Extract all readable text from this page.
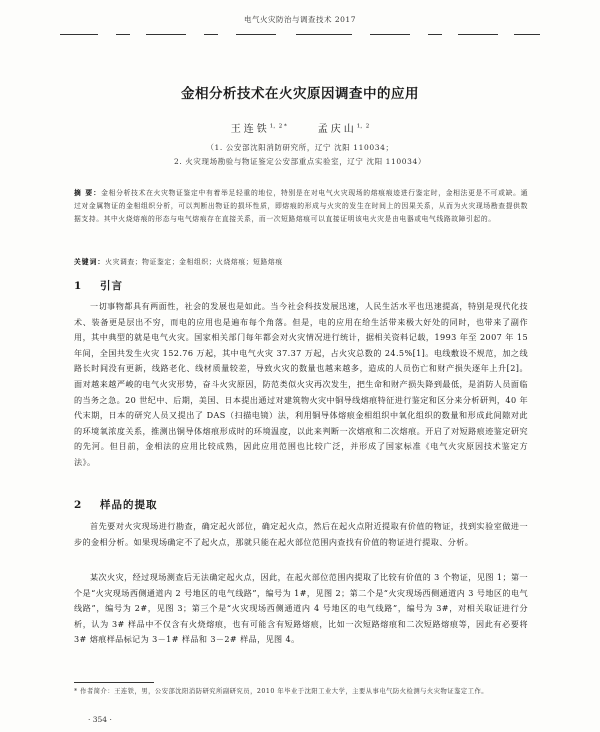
电气火灾防治与调查技术 2017
金相分析技术在火灾原因调查中的应用
王连铁$^{1,2 *}$	孟庆山$^{1,2}$
（1. 公安部沈阳消防研究所，辽宁 沈阳 110034；
2. 火灾现场勘验与物证鉴定公安部重点实验室，辽宁 沈阳 110034）
摘 要：金相分析技术在火灾物证鉴定中有着举足轻重的地位，特别是在对电气火灾现场的熔痕痕迹进行鉴定时，金相法更是不可或缺。通过对金属物证的金相组织分析，可以判断出物证的损坏性质，即熔痕的形成与火灾的发生在时间上的因果关系，从而为火灾现场勘查提供数据支持。其中火烧熔痕的形态与电气熔痕存在直接关系，而一次短路熔痕可以直接证明该电火灾是由电器或电气线路故障引起的。
关键词：火灾调查；物证鉴定；金相组织；火烧熔痕；短路熔痕
1 引言
一切事物都具有两面性，社会的发展也是如此。当今社会科技发展迅速，人民生活水平也迅速提高，特别是现代化技术、装备更是层出不穷，而电的应用也是遍布每个角落。但是，电的应用在给生活带来极大好处的同时，也带来了副作用，其中典型的就是电气火灾。国家相关部门每年都会对火灾情况进行统计，据相关资料记载，1993 年至 2007 年 15 年间，全国共发生火灾 152.76 万起，其中电气火灾 37.37 万起，占火灾总数的 24.5%[1]。电线敷设不规范，加之线路长时间没有更新，线路老化、线材质量较差，导致火灾的数量也越来越多，造成的人员伤亡和财产损失逐年上升[2]。面对越来越严峻的电气火灾形势，奋斗火灾原因，防范类似火灾再次发生，把生命和财产损失降到最低，是消防人员面临的当务之急。20 世纪中、后期，美国、日本提出通过对建筑物火灾中铜导线熔痕特征进行鉴定和区分来分析研判，40 年代末期，日本的研究人员又提出了 DAS（扫描电镜）法，利用铜导体熔痕金相组织中氧化组织的数量和形成此间隙对此的环境氧浓度关系，推测出铜导体熔痕形成时的环境温度，以此来判断一次熔痕和二次熔痕。开启了对短路痕迹鉴定研究的先河。但目前，金相法的应用比较成熟，因此应用范围也比较广泛，并形成了国家标准《电气火灾原因技术鉴定方法》。
2 样品的提取
首先要对火灾现场进行勘查，确定起火部位，确定起火点，然后在起火点附近提取有价值的物证，找到实验室做进一步的金相分析。如果现场确定不了起火点，那就只能在起火部位范围内查找有价值的物证进行提取、分析。
某次火灾，经过现场测查后无法确定起火点，因此，在起火部位范围内提取了比较有价值的 3 个物证，见图 1；第一个是“火灾现场西侧通道内 2 号地区的电气线路”，编号为 1#，见图 2；第二个是“火灾现场西侧通道内 3 号地区的电气线路”，编号为 2#，见图 3；第三个是“火灾现场西侧通道内 4 号地区的电气线路”，编号为 3#，对相关取证进行分析，认为 3# 样品中不仅含有火烧熔痕，也有可能含有短路熔痕，比如一次短路熔痕和二次短路熔痕等，因此有必要将 3# 熔痕样品标记为 3－1# 样品和 3－2# 样品，见图 4。
* 作者简介：王连铁，男，公安部沈阳消防研究所副研究员，2010 年毕业于沈阳工业大学，主要从事电气防火检测与火灾物证鉴定工作。
· 354 ·
